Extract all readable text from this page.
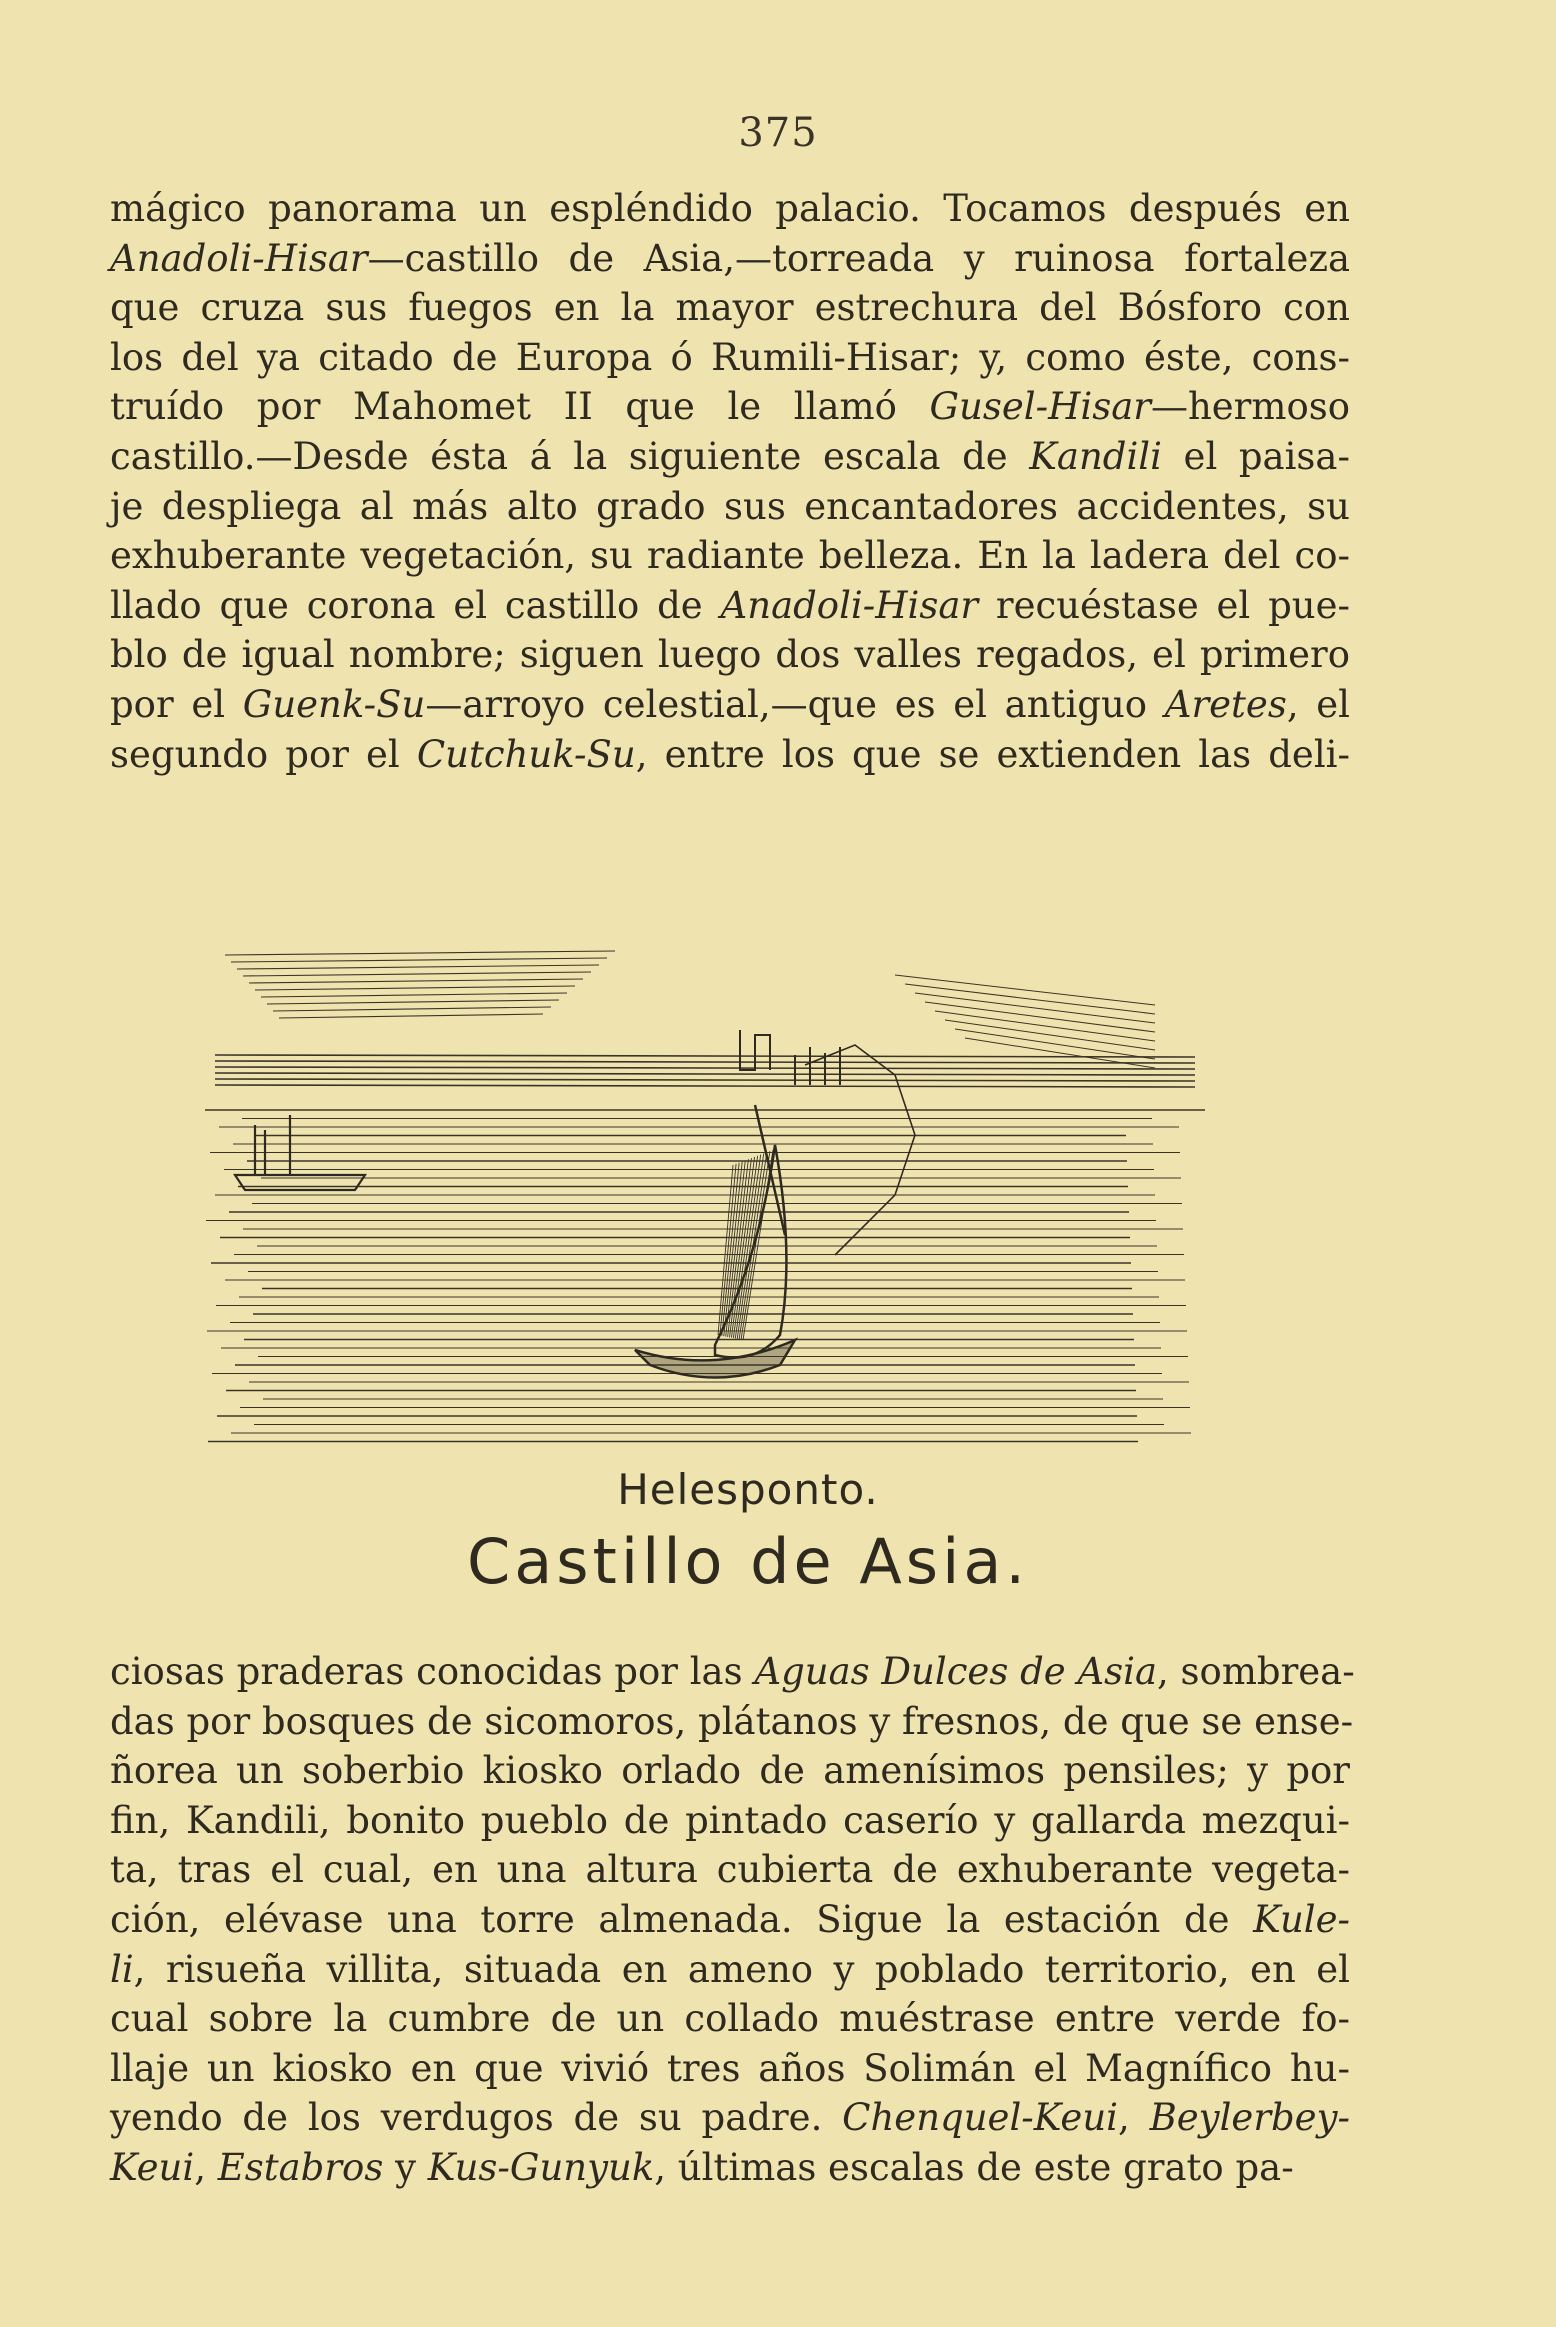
375
mágico panorama un espléndido palacio. Tocamos después en
Anadoli-Hisar—castillo de Asia,—torreada y ruinosa fortaleza
que cruza sus fuegos en la mayor estrechura del Bósforo con
los del ya citado de Europa ó Rumili-Hisar; y, como éste, cons-
truído por Mahomet II que le llamó Gusel-Hisar—hermoso
castillo.—Desde ésta á la siguiente escala de Kandili el paisa-
je despliega al más alto grado sus encantadores accidentes, su
exhuberante vegetación, su radiante belleza. En la ladera del co-
llado que corona el castillo de Anadoli-Hisar recuéstase el pue-
blo de igual nombre; siguen luego dos valles regados, el primero
por el Guenk-Su—arroyo celestial,—que es el antiguo Aretes, el
segundo por el Cutchuk-Su, entre los que se extienden las deli-
Helesponto.
Castillo de Asia.
ciosas praderas conocidas por las Aguas Dulces de Asia, sombrea-
das por bosques de sicomoros, plátanos y fresnos, de que se ense-
ñorea un soberbio kiosko orlado de amenísimos pensiles; y por
fin, Kandili, bonito pueblo de pintado caserío y gallarda mezqui-
ta, tras el cual, en una altura cubierta de exhuberante vegeta-
ción, elévase una torre almenada. Sigue la estación de Kule-
li, risueña villita, situada en ameno y poblado territorio, en el
cual sobre la cumbre de un collado muéstrase entre verde fo-
llaje un kiosko en que vivió tres años Solimán el Magnífico hu-
yendo de los verdugos de su padre. Chenquel-Keui, Beylerbey-
Keui, Estabros y Kus-Gunyuk, últimas escalas de este grato pa-
